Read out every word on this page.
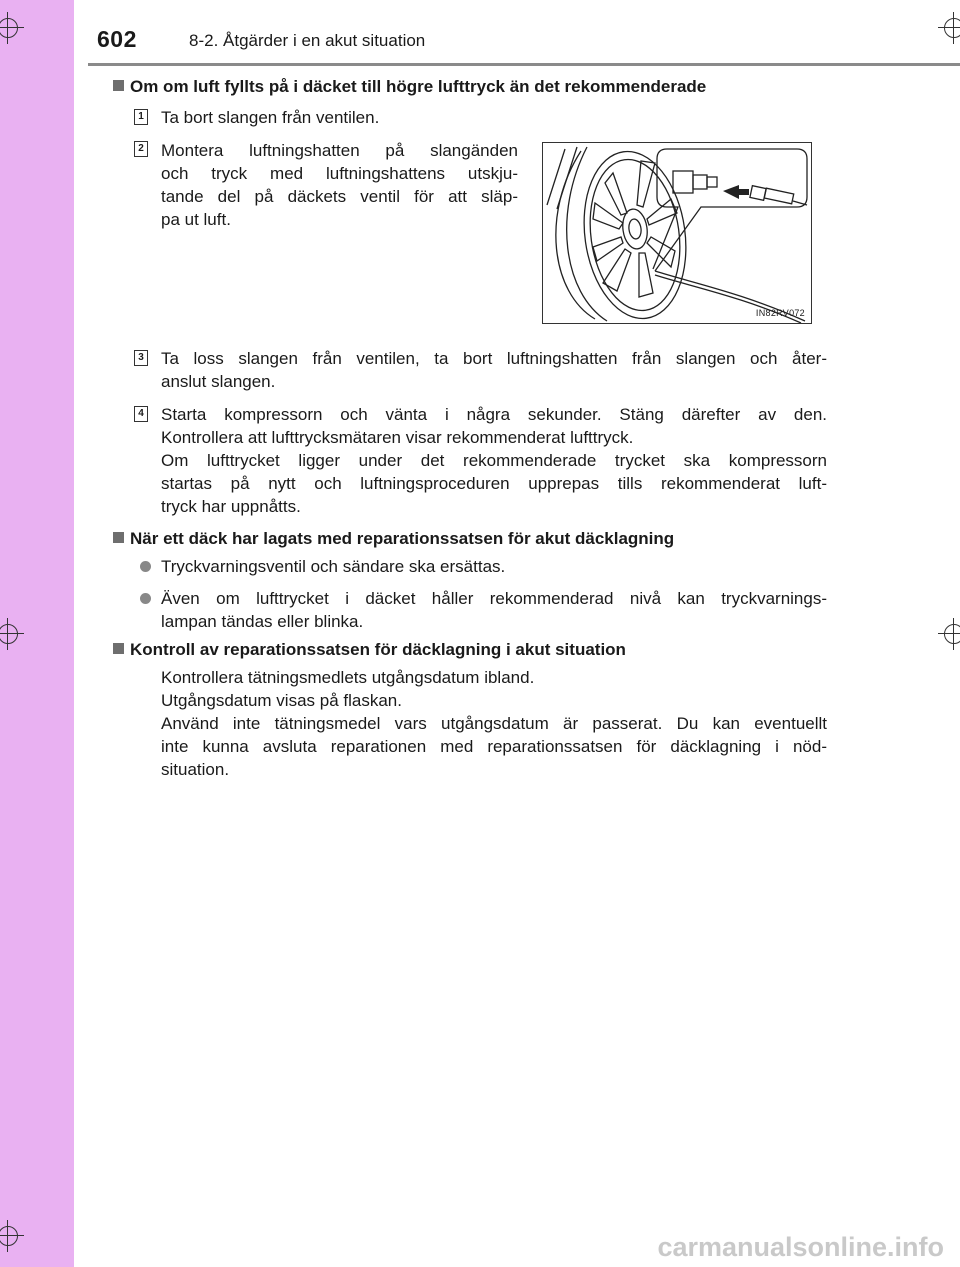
602	8-2. Åtgärder i en akut situation
Om om luft fyllts på i däcket till högre lufttryck än det rekommenderade
1 Ta bort slangen från ventilen.
2 Montera luftningshatten på slangänden
och tryck med luftningshattens utskju-
tande del på däckets ventil för att släp-
pa ut luft.
IN82RV072
3 Ta loss slangen från ventilen, ta bort luftningshatten från slangen och åter-
anslut slangen.
4 Starta kompressorn och vänta i några sekunder. Stäng därefter av den.
Kontrollera att lufttrycksmätaren visar rekommenderat lufttryck.
Om lufttrycket ligger under det rekommenderade trycket ska kompressorn
startas på nytt och luftningsproceduren upprepas tills rekommenderat luft-
tryck har uppnåtts.
När ett däck har lagats med reparationssatsen för akut däcklagning
Tryckvarningsventil och sändare ska ersättas.
Även om lufttrycket i däcket håller rekommenderad nivå kan tryckvarnings-
lampan tändas eller blinka.
Kontroll av reparationssatsen för däcklagning i akut situation
Kontrollera tätningsmedlets utgångsdatum ibland.
Utgångsdatum visas på flaskan.
Använd inte tätningsmedel vars utgångsdatum är passerat. Du kan eventuellt
inte kunna avsluta reparationen med reparationssatsen för däcklagning i nöd-
situation.
carmanualsonline.info
